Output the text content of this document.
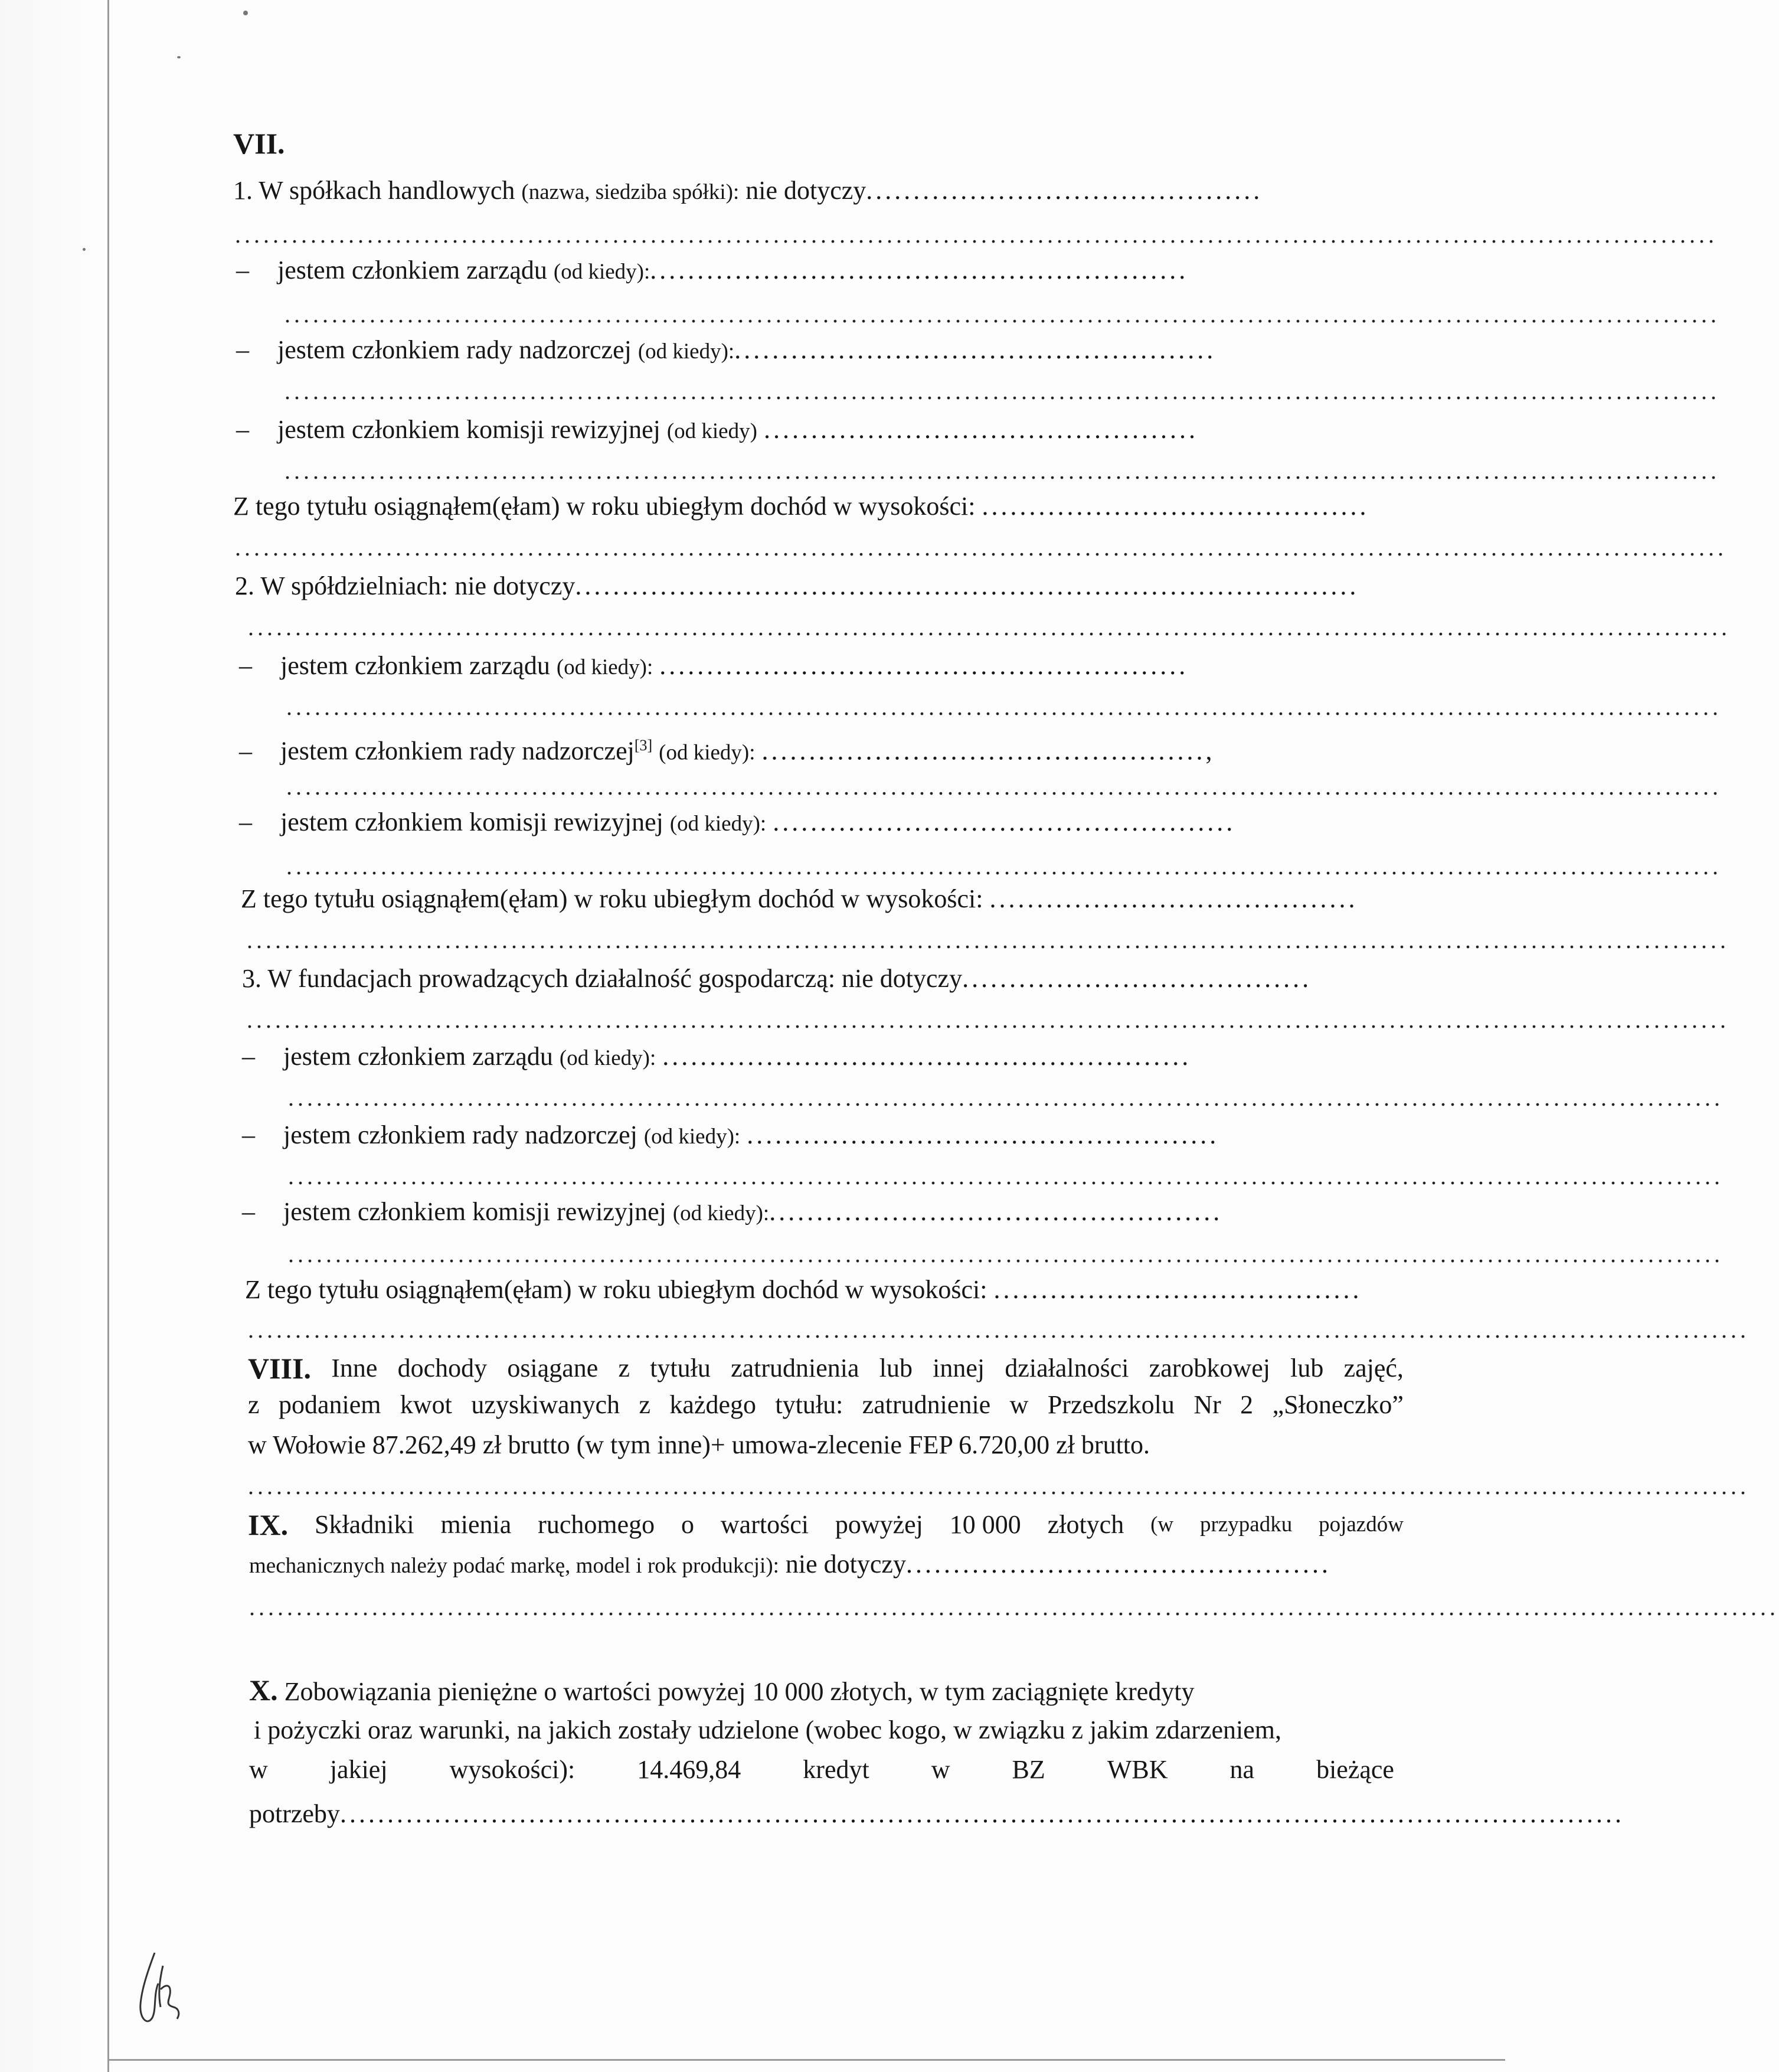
VII.
1. W spółkach handlowych (nazwa, siedziba spółki): nie dotyczy..........................................
.............................................................................................................................................................
– jestem członkiem zarządu (od kiedy):.........................................................
........................................................................................................................................................
– jestem członkiem rady nadzorczej (od kiedy):...................................................
........................................................................................................................................................
– jestem członkiem komisji rewizyjnej (od kiedy) ..............................................
........................................................................................................................................................
Z tego tytułu osiągnąłem(ęłam) w roku ubiegłym dochód w wysokości: .........................................
..............................................................................................................................................................
2. W spółdzielniach: nie dotyczy...................................................................................
.............................................................................................................................................................
– jestem członkiem zarządu (od kiedy): ........................................................
........................................................................................................................................................
– jestem członkiem rady nadzorczej[3] (od kiedy): ...............................................,
........................................................................................................................................................
– jestem członkiem komisji rewizyjnej (od kiedy): .................................................
........................................................................................................................................................
Z tego tytułu osiągnąłem(ęłam) w roku ubiegłym dochód w wysokości: .......................................
.............................................................................................................................................................
3. W fundacjach prowadzących działalność gospodarczą: nie dotyczy.....................................
.............................................................................................................................................................
– jestem członkiem zarządu (od kiedy): ........................................................
........................................................................................................................................................
– jestem członkiem rady nadzorczej (od kiedy): ..................................................
........................................................................................................................................................
– jestem członkiem komisji rewizyjnej (od kiedy):................................................
........................................................................................................................................................
Z tego tytułu osiągnąłem(ęłam) w roku ubiegłym dochód w wysokości: .......................................
...............................................................................................................................................................
VIII. Inne dochody osiągane z tytułu zatrudnienia lub innej działalności zarobkowej lub zajęć,
z podaniem kwot uzyskiwanych z każdego tytułu: zatrudnienie w Przedszkolu Nr 2 „Słoneczko”
w Wołowie 87.262,49 zł brutto (w tym inne)+ umowa-zlecenie FEP 6.720,00 zł brutto.
...............................................................................................................................................................
IX. Składniki mienia ruchomego o wartości powyżej 10 000 złotych (w przypadku pojazdów
mechanicznych należy podać markę, model i rok produkcji): nie dotyczy.............................................
..................................................................................................................................................................
X. Zobowiązania pieniężne o wartości powyżej 10 000 złotych, w tym zaciągnięte kredyty
i pożyczki oraz warunki, na jakich zostały udzielone (wobec kogo, w związku z jakim zdarzeniem,
w jakiej wysokości): 14.469,84 kredyt w BZ WBK na bieżące
potrzeby........................................................................................................................................
